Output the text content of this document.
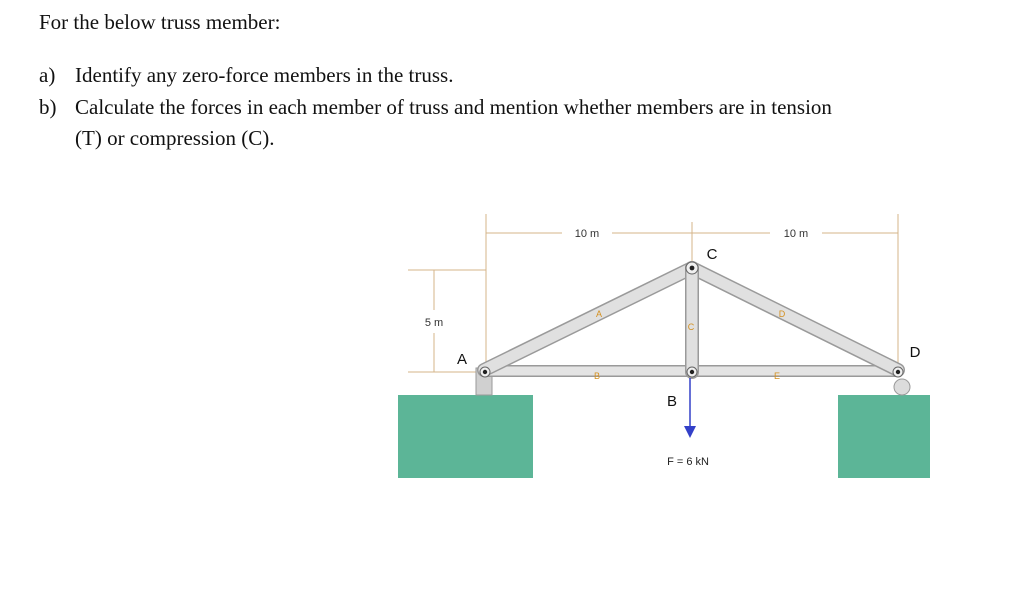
For the below truss member:

a) Identify any zero-force members in the truss.

b) Calculate the forces in each member of truss and mention whether members are in tension

(T) or compression (C).

10 m	10 m
5 m
A
C
B
D
E
A
B
C
D
F = 6 kN
